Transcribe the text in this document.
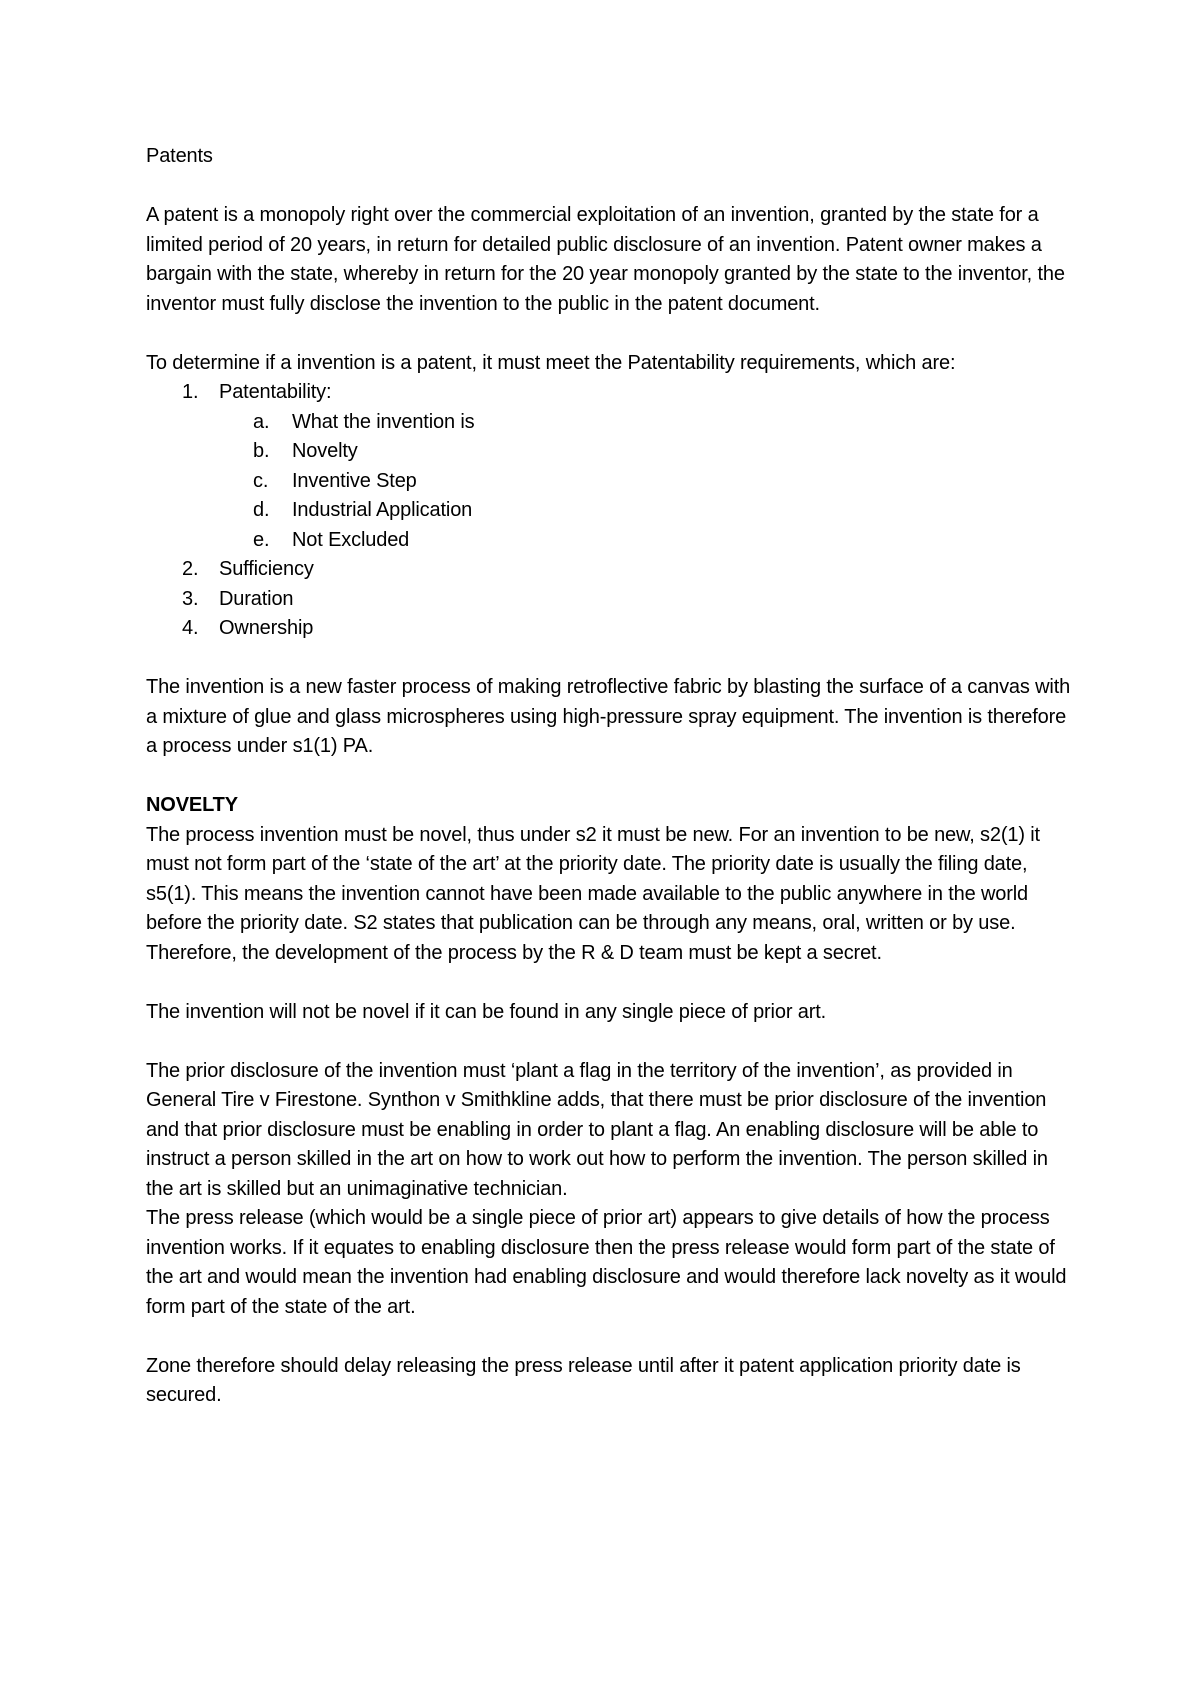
Patents

A patent is a monopoly right over the commercial exploitation of an invention, granted by the state for a limited period of 20 years, in return for detailed public disclosure of an invention. Patent owner makes a bargain with the state, whereby in return for the 20 year monopoly granted by the state to the inventor, the inventor must fully disclose the invention to the public in the patent document.

To determine if a invention is a patent, it must meet the Patentability requirements, which are:

1.	Patentability:
a.	What the invention is
b.	Novelty
c.	Inventive Step
d.	Industrial Application
e.	Not Excluded
2.	Sufficiency
3.	Duration
4.	Ownership

The invention is a new faster process of making retroflective fabric by blasting the surface of a canvas with a mixture of glue and glass microspheres using high-pressure spray equipment. The invention is therefore a process under s1(1) PA.

NOVELTY

The process invention must be novel, thus under s2 it must be new. For an invention to be new, s2(1) it must not form part of the ‘state of the art’ at the priority date. The priority date is usually the filing date, s5(1). This means the invention cannot have been made available to the public anywhere in the world before the priority date. S2 states that publication can be through any means, oral, written or by use. Therefore, the development of the process by the R & D team must be kept a secret.

The invention will not be novel if it can be found in any single piece of prior art.

The prior disclosure of the invention must ‘plant a flag in the territory of the invention’, as provided in General Tire v Firestone. Synthon v Smithkline adds, that there must be prior disclosure of the invention and that prior disclosure must be enabling in order to plant a flag. An enabling disclosure will be able to instruct a person skilled in the art on how to work out how to perform the invention. The person skilled in the art is skilled but an unimaginative technician.

The press release (which would be a single piece of prior art) appears to give details of how the process invention works. If it equates to enabling disclosure then the press release would form part of the state of the art and would mean the invention had enabling disclosure and would therefore lack novelty as it would form part of the state of the art.

Zone therefore should delay releasing the press release until after it patent application priority date is secured.
